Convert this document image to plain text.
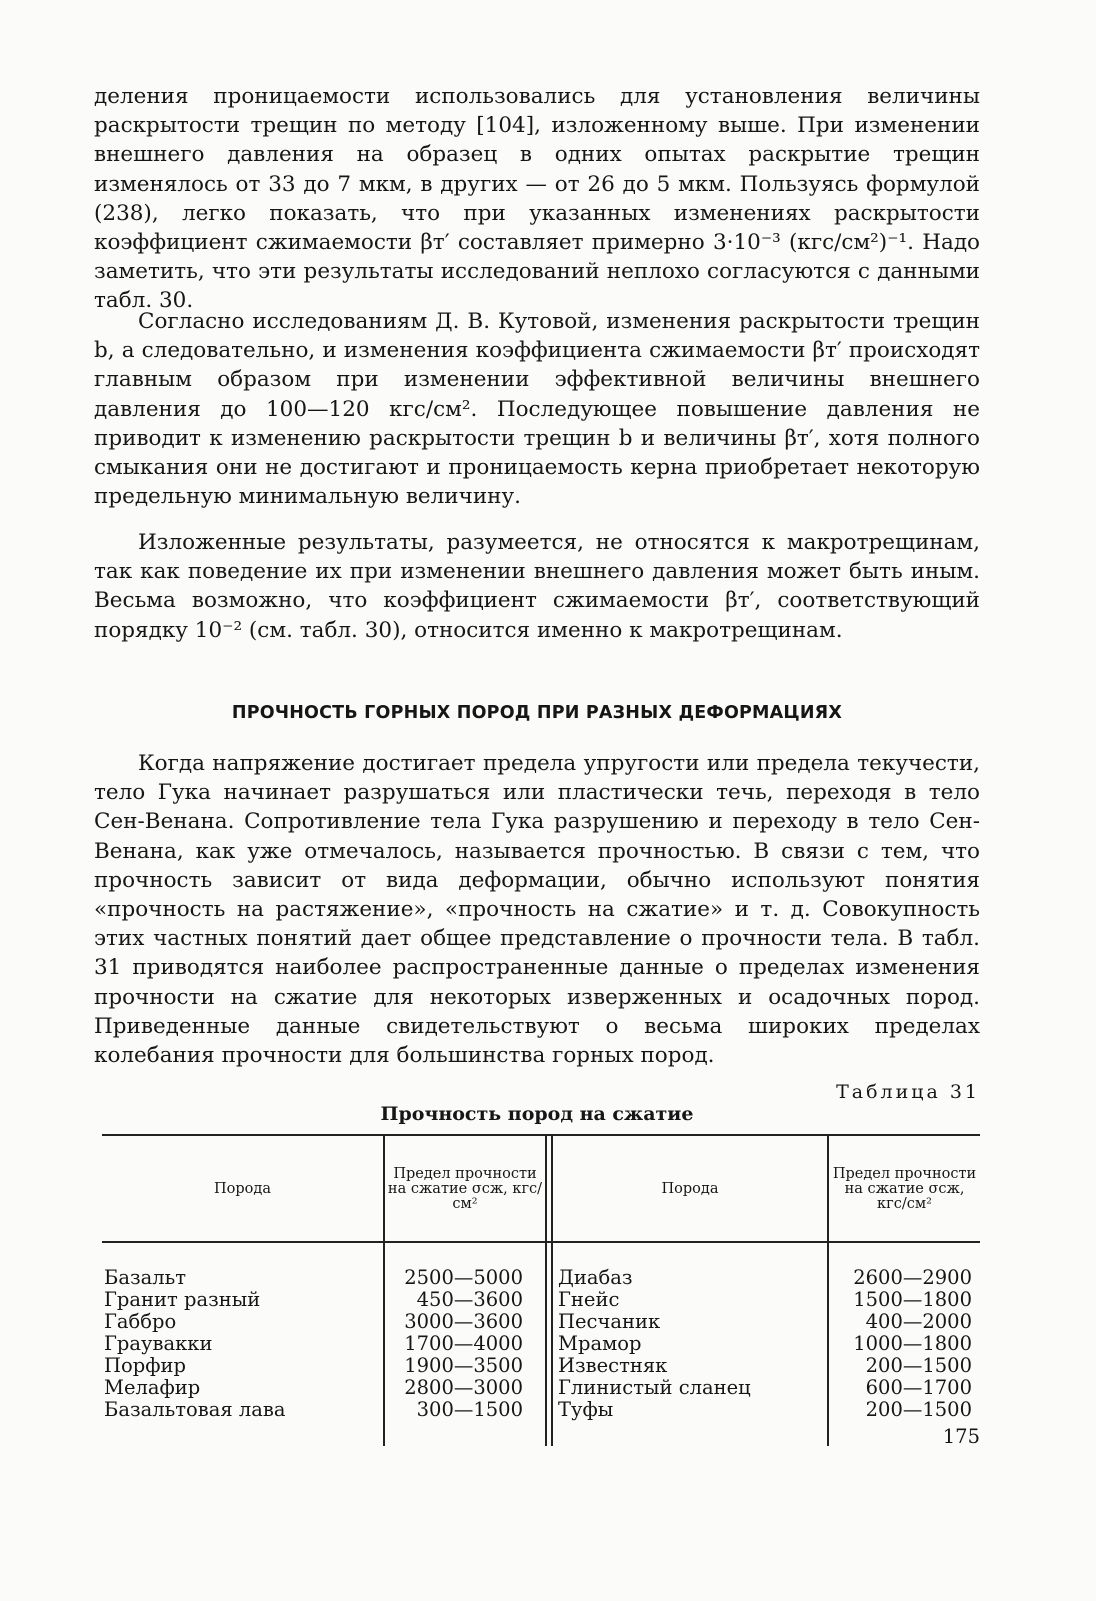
деления проницаемости использовались для установления величины раскрытости трещин по методу [104], изложенному выше. При изменении внешнего давления на образец в одних опытах раскрытие трещин изменялось от 33 до 7 мкм, в других — от 26 до 5 мкм. Пользуясь формулой (238), легко показать, что при указанных изменениях раскрытости коэффициент сжимаемости βт′ составляет примерно 3·10⁻³ (кгс/см²)⁻¹. Надо заметить, что эти результаты исследований неплохо согласуются с данными табл. 30.

Согласно исследованиям Д. В. Кутовой, изменения раскрытости трещин b, а следовательно, и изменения коэффициента сжимаемости βт′ происходят главным образом при изменении эффективной величины внешнего давления до 100—120 кгс/см². Последующее повышение давления не приводит к изменению раскрытости трещин b и величины βт′, хотя полного смыкания они не достигают и проницаемость керна приобретает некоторую предельную минимальную величину.

Изложенные результаты, разумеется, не относятся к макротрещинам, так как поведение их при изменении внешнего давления может быть иным. Весьма возможно, что коэффициент сжимаемости βт′, соответствующий порядку 10⁻² (см. табл. 30), относится именно к макротрещинам.

ПРОЧНОСТЬ ГОРНЫХ ПОРОД ПРИ РАЗНЫХ ДЕФОРМАЦИЯХ

Когда напряжение достигает предела упругости или предела текучести, тело Гука начинает разрушаться или пластически течь, переходя в тело Сен-Венана. Сопротивление тела Гука разрушению и переходу в тело Сен-Венана, как уже отмечалось, называется прочностью. В связи с тем, что прочность зависит от вида деформации, обычно используют понятия «прочность на растяжение», «прочность на сжатие» и т. д. Совокупность этих частных понятий дает общее представление о прочности тела. В табл. 31 приводятся наиболее распространенные данные о пределах изменения прочности на сжатие для некоторых изверженных и осадочных пород. Приведенные данные свидетельствуют о весьма широких пределах колебания прочности для большинства горных пород.

Таблица 31
Прочность пород на сжатие
Порода
Предел прочности на сжатие σсж, кгс/см²
Порода
Предел прочности на сжатие σсж, кгс/см²
Базальт
Гранит разный
Габбро
Граувакки
Порфир
Мелафир
Базальтовая лава
2500—5000
450—3600
3000—3600
1700—4000
1900—3500
2800—3000
300—1500
Диабаз
Гнейс
Песчаник
Мрамор
Известняк
Глинистый сланец
Туфы
2600—2900
1500—1800
400—2000
1000—1800
200—1500
600—1700
200—1500
175
